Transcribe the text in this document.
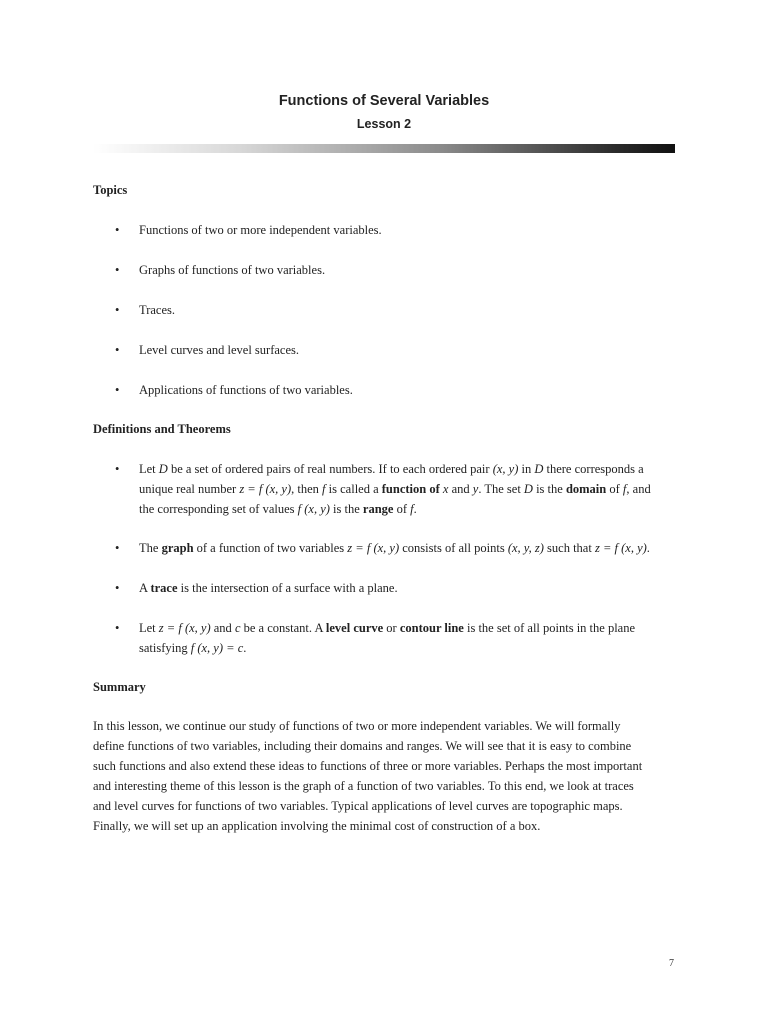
Functions of Several Variables
Lesson 2
Topics
• Functions of two or more independent variables.
• Graphs of functions of two variables.
• Traces.
• Level curves and level surfaces.
• Applications of functions of two variables.
Definitions and Theorems
• Let D be a set of ordered pairs of real numbers. If to each ordered pair (x, y) in D there corresponds a
unique real number z = f (x, y), then f is called a function of x and y. The set D is the domain of f, and
the corresponding set of values f (x, y) is the range of f.
• The graph of a function of two variables z = f (x, y) consists of all points (x, y, z) such that z = f (x, y).
• A trace is the intersection of a surface with a plane.
• Let z = f (x, y) and c be a constant. A level curve or contour line is the set of all points in the plane
satisfying f (x, y) = c.
Summary
In this lesson, we continue our study of functions of two or more independent variables. We will formally
define functions of two variables, including their domains and ranges. We will see that it is easy to combine
such functions and also extend these ideas to functions of three or more variables. Perhaps the most important
and interesting theme of this lesson is the graph of a function of two variables. To this end, we look at traces
and level curves for functions of two variables. Typical applications of level curves are topographic maps.
Finally, we will set up an application involving the minimal cost of construction of a box.
7
